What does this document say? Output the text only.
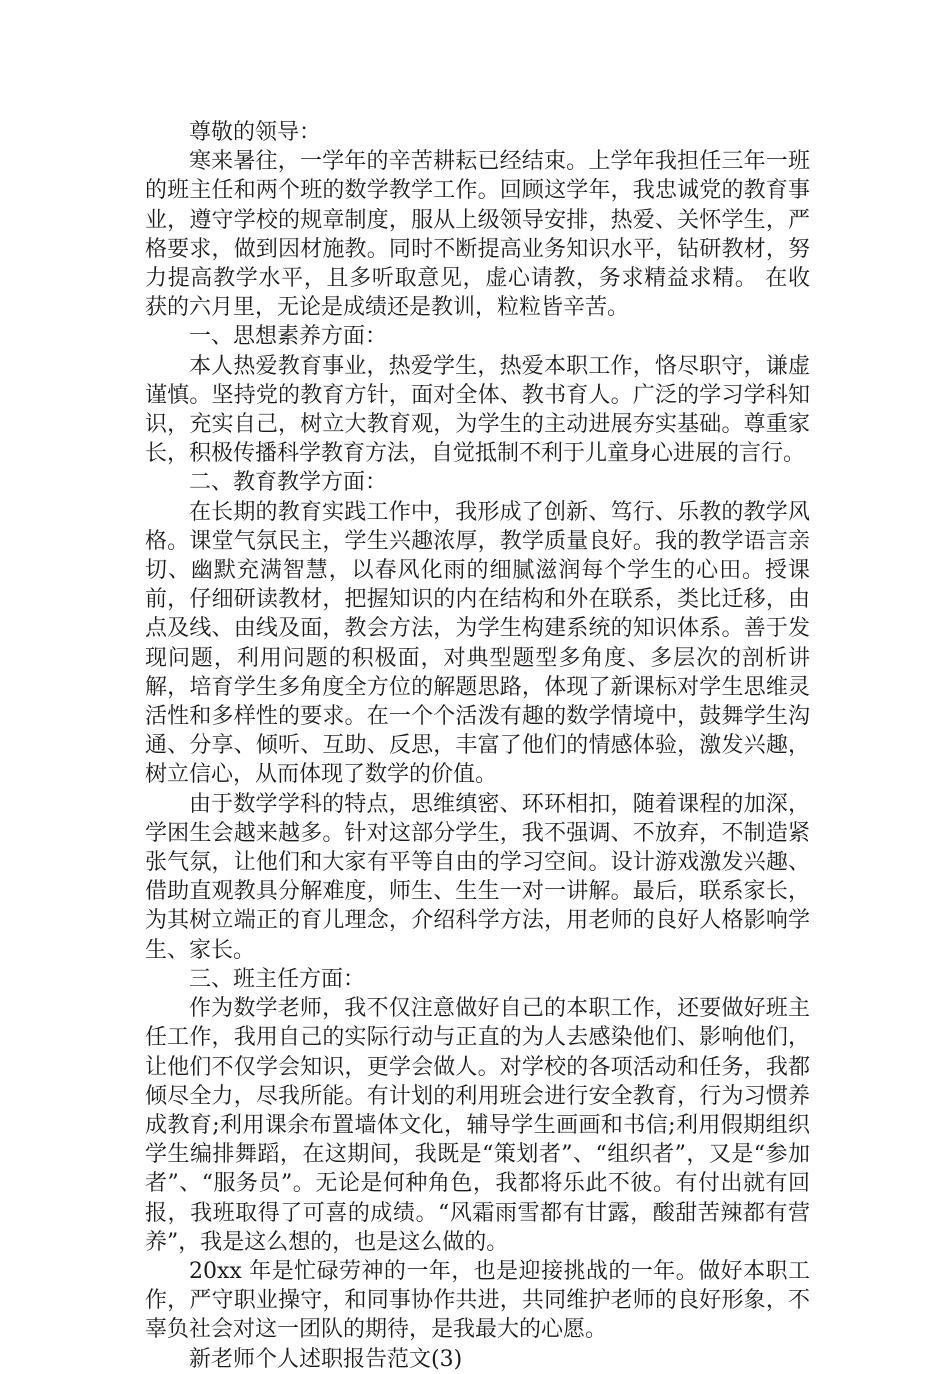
尊敬的领导：

寒来暑往，一学年的辛苦耕耘已经结束。上学年我担任三年一班的班主任和两个班的数学教学工作。回顾这学年，我忠诚党的教育事业，遵守学校的规章制度，服从上级领导安排，热爱、关怀学生，严格要求，做到因材施教。同时不断提高业务知识水平，钻研教材，努力提高教学水平，且多听取意见，虚心请教，务求精益求精。 在收获的六月里，无论是成绩还是教训，粒粒皆辛苦。

一、思想素养方面：

本人热爱教育事业，热爱学生，热爱本职工作，恪尽职守，谦虚谨慎。坚持党的教育方针，面对全体、教书育人。广泛的学习学科知识，充实自己，树立大教育观，为学生的主动进展夯实基础。尊重家长，积极传播科学教育方法，自觉抵制不利于儿童身心进展的言行。

二、教育教学方面：

在长期的教育实践工作中，我形成了创新、笃行、乐教的教学风格。课堂气氛民主，学生兴趣浓厚，教学质量良好。我的教学语言亲切、幽默充满智慧，以春风化雨的细腻滋润每个学生的心田。授课前，仔细研读教材，把握知识的内在结构和外在联系，类比迁移，由点及线、由线及面，教会方法，为学生构建系统的知识体系。善于发现问题，利用问题的积极面，对典型题型多角度、多层次的剖析讲解，培育学生多角度全方位的解题思路，体现了新课标对学生思维灵活性和多样性的要求。在一个个活泼有趣的数学情境中，鼓舞学生沟通、分享、倾听、互助、反思，丰富了他们的情感体验，激发兴趣，树立信心，从而体现了数学的价值。

由于数学学科的特点，思维缜密、环环相扣，随着课程的加深，学困生会越来越多。针对这部分学生，我不强调、不放弃，不制造紧张气氛，让他们和大家有平等自由的学习空间。设计游戏激发兴趣、借助直观教具分解难度，师生、生生一对一讲解。最后，联系家长，为其树立端正的育儿理念，介绍科学方法，用老师的良好人格影响学生、家长。

三、班主任方面：

作为数学老师，我不仅注意做好自己的本职工作，还要做好班主任工作，我用自己的实际行动与正直的为人去感染他们、影响他们，让他们不仅学会知识，更学会做人。对学校的各项活动和任务，我都倾尽全力，尽我所能。有计划的利用班会进行安全教育，行为习惯养成教育;利用课余布置墙体文化，辅导学生画画和书信;利用假期组织学生编排舞蹈，在这期间，我既是“策划者”、“组织者”，又是“参加者”、“服务员”。无论是何种角色，我都将乐此不彼。有付出就有回报，我班取得了可喜的成绩。“风霜雨雪都有甘露，酸甜苦辣都有营养”，我是这么想的，也是这么做的。

20xx 年是忙碌劳神的一年，也是迎接挑战的一年。做好本职工作，严守职业操守，和同事协作共进，共同维护老师的良好形象，不辜负社会对这一团队的期待，是我最大的心愿。

新老师个人述职报告范文(3)
